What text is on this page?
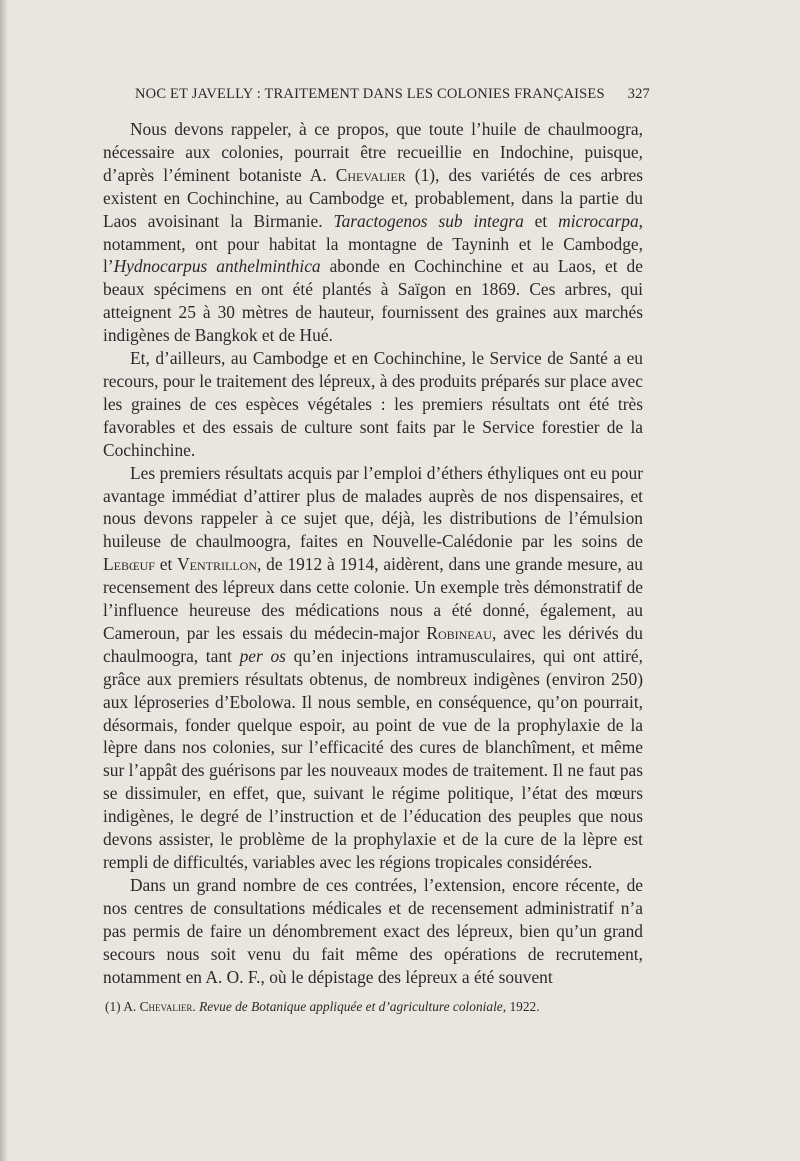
NOC ET JAVELLY : TRAITEMENT DANS LES COLONIES FRANÇAISES 327

Nous devons rappeler, à ce propos, que toute l’huile de chaulmoogra, nécessaire aux colonies, pourrait être recueillie en Indochine, puisque, d’après l’éminent botaniste A. Chevalier (1), des variétés de ces arbres existent en Cochinchine, au Cambodge et, probablement, dans la partie du Laos avoisinant la Birmanie. Taractogenos sub integra et microcarpa, notamment, ont pour habitat la montagne de Tayninh et le Cambodge, l’Hydnocarpus anthelminthica abonde en Cochinchine et au Laos, et de beaux spécimens en ont été plantés à Saïgon en 1869. Ces arbres, qui atteignent 25 à 30 mètres de hauteur, fournissent des graines aux marchés indigènes de Bangkok et de Hué.

Et, d’ailleurs, au Cambodge et en Cochinchine, le Service de Santé a eu recours, pour le traitement des lépreux, à des produits préparés sur place avec les graines de ces espèces végétales : les premiers résultats ont été très favorables et des essais de culture sont faits par le Service forestier de la Cochinchine.

Les premiers résultats acquis par l’emploi d’éthers éthyliques ont eu pour avantage immédiat d’attirer plus de malades auprès de nos dispensaires, et nous devons rappeler à ce sujet que, déjà, les distributions de l’émulsion huileuse de chaulmoogra, faites en Nouvelle-Calédonie par les soins de Lebœuf et Ventrillon, de 1912 à 1914, aidèrent, dans une grande mesure, au recensement des lépreux dans cette colonie. Un exemple très démonstratif de l’influence heureuse des médications nous a été donné, également, au Cameroun, par les essais du médecin-major Robineau, avec les dérivés du chaulmoogra, tant per os qu’en injections intramusculaires, qui ont attiré, grâce aux premiers résultats obtenus, de nombreux indigènes (environ 250) aux léproseries d’Ebolowa. Il nous semble, en conséquence, qu’on pourrait, désormais, fonder quelque espoir, au point de vue de la prophylaxie de la lèpre dans nos colonies, sur l’efficacité des cures de blanchîment, et même sur l’appât des guérisons par les nouveaux modes de traitement. Il ne faut pas se dissimuler, en effet, que, suivant le régime politique, l’état des mœurs indigènes, le degré de l’instruction et de l’éducation des peuples que nous devons assister, le problème de la prophylaxie et de la cure de la lèpre est rempli de difficultés, variables avec les régions tropicales considérées.

Dans un grand nombre de ces contrées, l’extension, encore récente, de nos centres de consultations médicales et de recensement administratif n’a pas permis de faire un dénombrement exact des lépreux, bien qu’un grand secours nous soit venu du fait même des opérations de recrutement, notamment en A. O. F., où le dépistage des lépreux a été souvent

(1) A. Chevalier. Revue de Botanique appliquée et d’agriculture coloniale, 1922.
